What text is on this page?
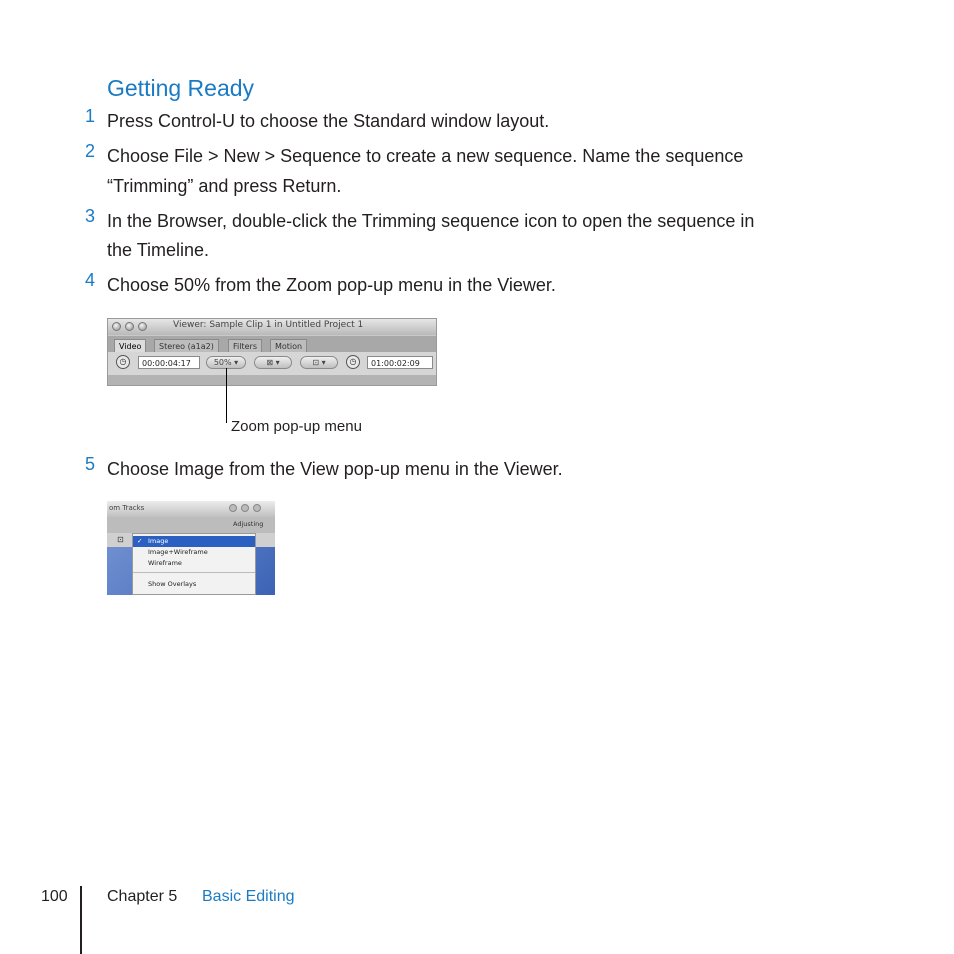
Getting Ready
1 Press Control-U to choose the Standard window layout.
2 Choose File > New > Sequence to create a new sequence. Name the sequence
“Trimming” and press Return.
3 In the Browser, double-click the Trimming sequence icon to open the sequence in
the Timeline.
4 Choose 50% from the Zoom pop-up menu in the Viewer.
Viewer: Sample Clip 1 in Untitled Project 1
Video	Stereo (a1a2)	Filters	Motion
◷	00:00:04:17	50% ▾	⊠ ▾	⊡ ▾	◷	01:00:02:09
Zoom pop-up menu
5 Choose Image from the View pop-up menu in the Viewer.
om Tracks
Adjusting
⊡ ✓ Image
Image+Wireframe
Wireframe
Show Overlays
100 Chapter 5 Basic Editing
